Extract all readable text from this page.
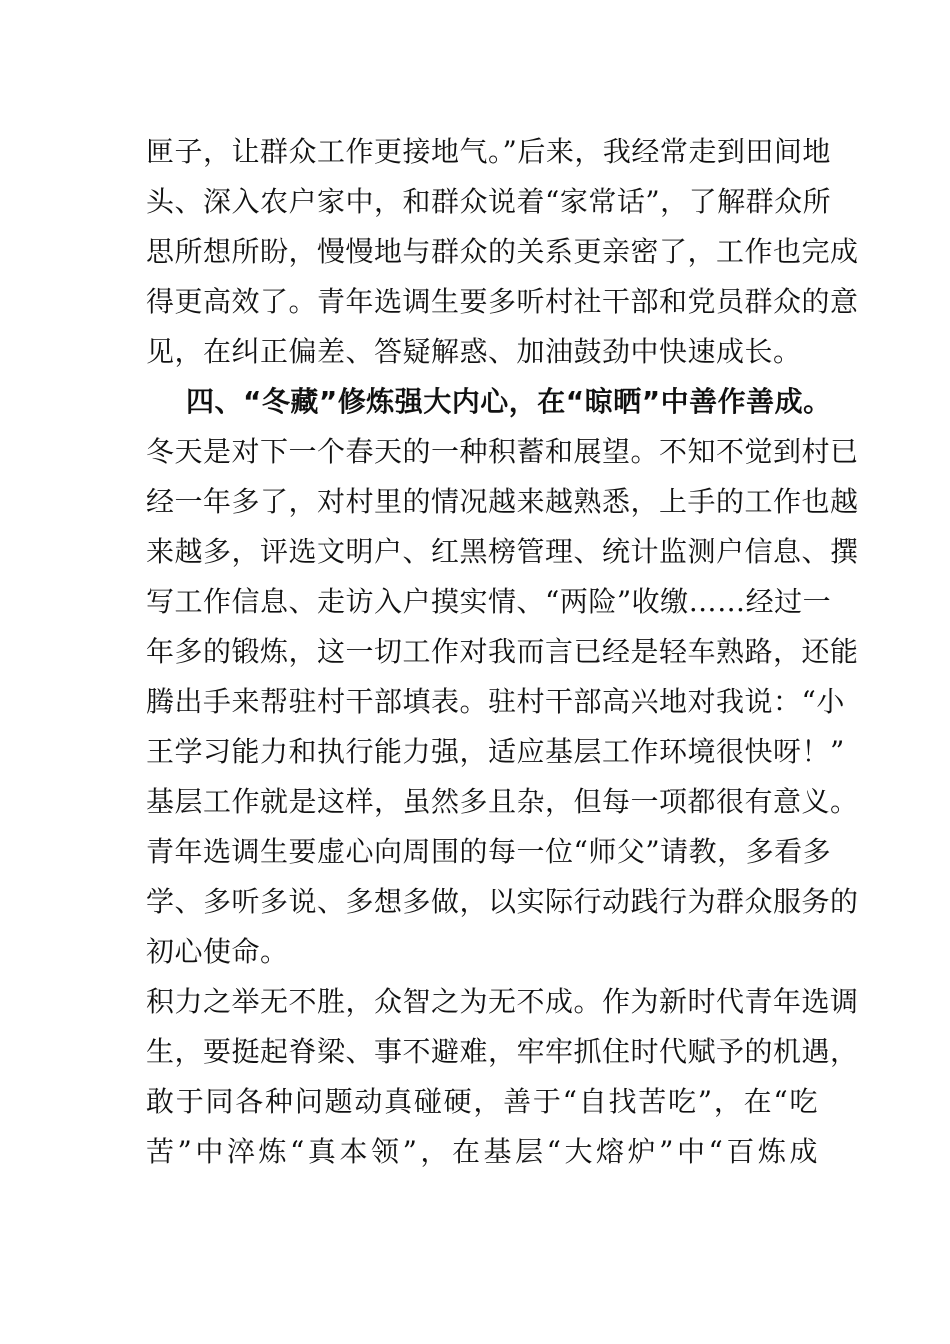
匣子，让群众工作更接地气。”后来，我经常走到田间地
头、深入农户家中，和群众说着“家常话”，了解群众所
思所想所盼，慢慢地与群众的关系更亲密了，工作也完成
得更高效了。青年选调生要多听村社干部和党员群众的意
见，在纠正偏差、答疑解惑、加油鼓劲中快速成长。
四、“冬藏”修炼强大内心，在“晾晒”中善作善成。
冬天是对下一个春天的一种积蓄和展望。不知不觉到村已
经一年多了，对村里的情况越来越熟悉，上手的工作也越
来越多，评选文明户、红黑榜管理、统计监测户信息、撰
写工作信息、走访入户摸实情、“两险”收缴……经过一
年多的锻炼，这一切工作对我而言已经是轻车熟路，还能
腾出手来帮驻村干部填表。驻村干部高兴地对我说：“小
王学习能力和执行能力强，适应基层工作环境很快呀！”
基层工作就是这样，虽然多且杂，但每一项都很有意义。
青年选调生要虚心向周围的每一位“师父”请教，多看多
学、多听多说、多想多做，以实际行动践行为群众服务的
初心使命。
积力之举无不胜，众智之为无不成。作为新时代青年选调
生，要挺起脊梁、事不避难，牢牢抓住时代赋予的机遇，
敢于同各种问题动真碰硬，善于“自找苦吃”，在“吃
苦”中淬炼“真本领”，在基层“大熔炉”中“百炼成
